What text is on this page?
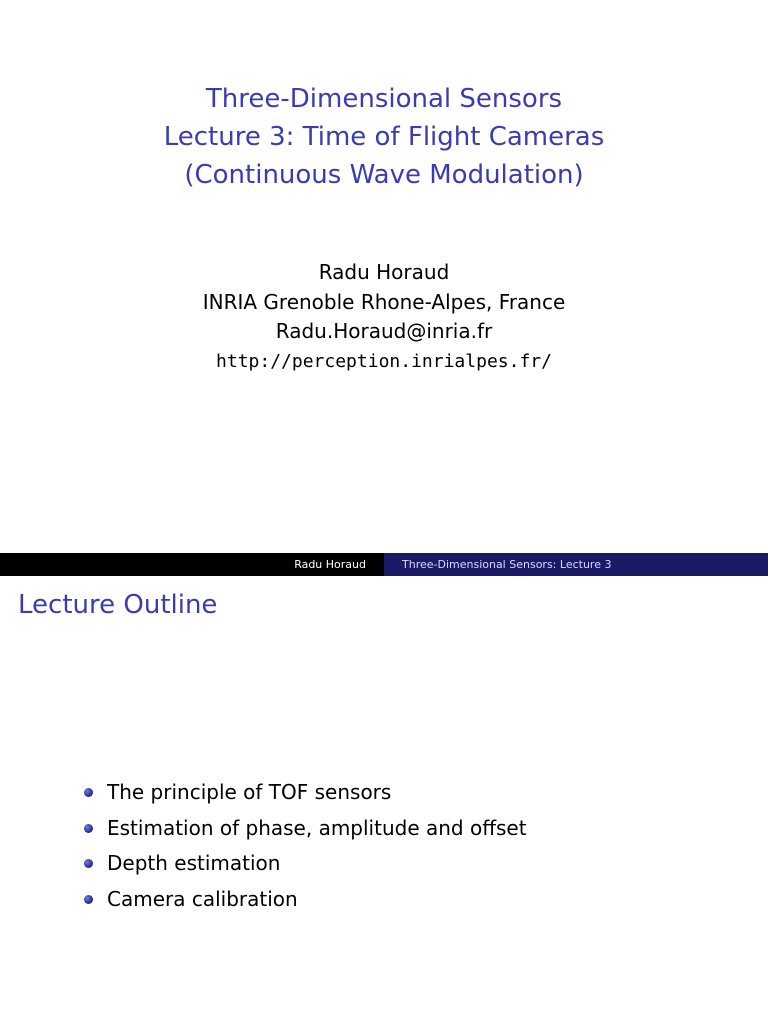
Three-Dimensional Sensors
Lecture 3: Time of Flight Cameras
(Continuous Wave Modulation)
Radu Horaud
INRIA Grenoble Rhone-Alpes, France
Radu.Horaud@inria.fr
http://perception.inrialpes.fr/
Radu Horaud	Three-Dimensional Sensors: Lecture 3
Lecture Outline
The principle of TOF sensors
Estimation of phase, amplitude and offset
Depth estimation
Camera calibration
